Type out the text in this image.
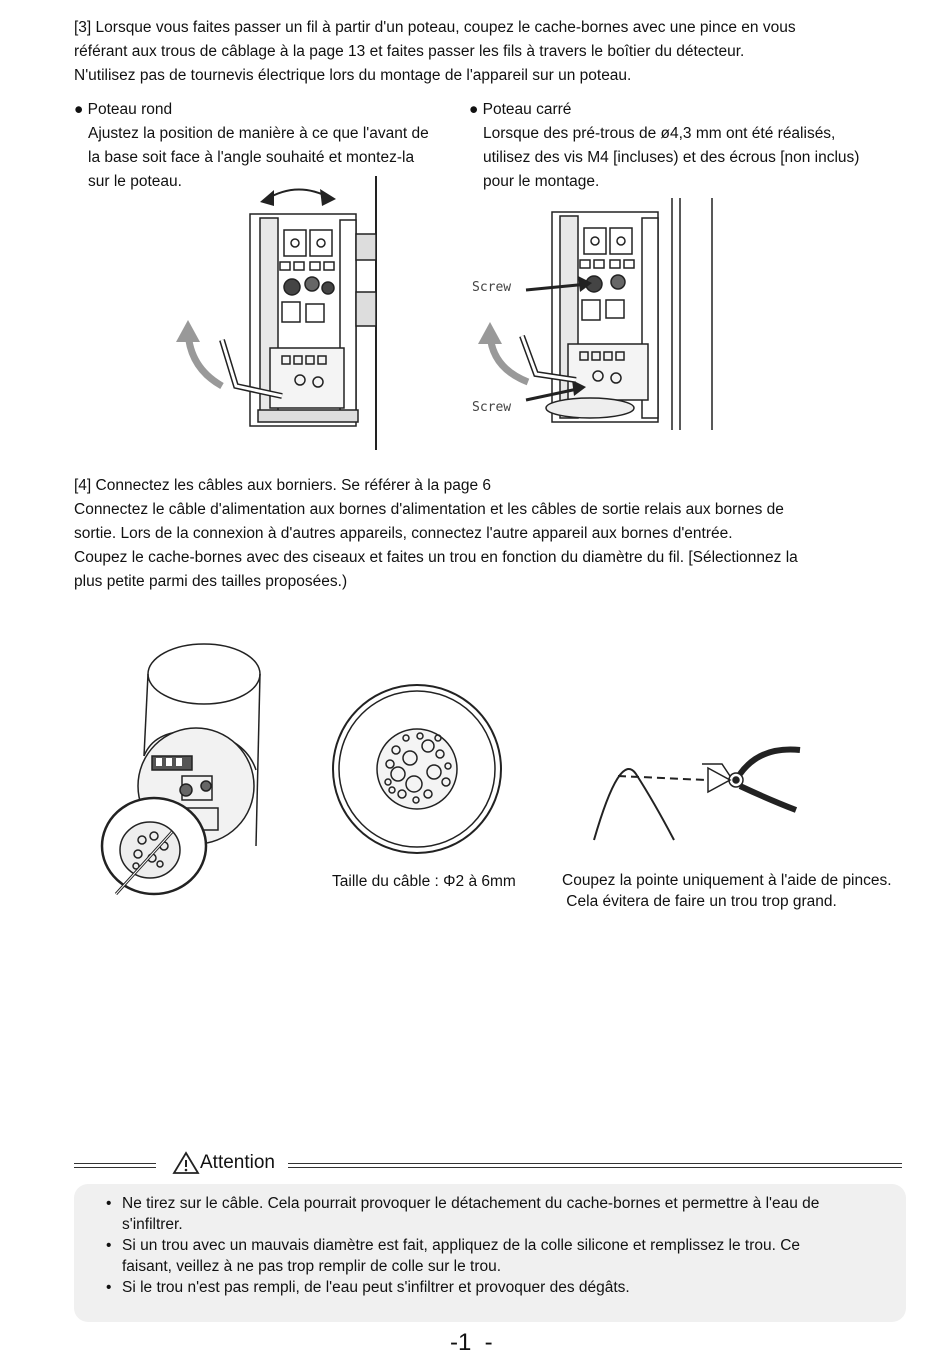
[3] Lorsque vous faites passer un fil à partir d'un poteau, coupez le cache-bornes avec une pince en vous

référant aux trous de câblage à la page 13 et faites passer les fils à travers le boîtier du détecteur.

N'utilisez pas de tournevis électrique lors du montage de l'appareil sur un poteau.

● Poteau rond

Ajustez la position de manière à ce que l'avant de

la base soit face à l'angle souhaité et montez-la

sur le poteau.

● Poteau carré

Lorsque des pré-trous de ø4,3 mm ont été réalisés,

utilisez des vis M4 [incluses) et des écrous [non inclus)

pour le montage.

Screw
Screw

[4] Connectez les câbles aux borniers. Se référer à la page 6

Connectez le câble d'alimentation aux bornes d'alimentation et les câbles de sortie relais aux bornes de

sortie. Lors de la connexion à d'autres appareils, connectez l'autre appareil aux bornes d'entrée.

Coupez le cache-bornes avec des ciseaux et faites un trou en fonction du diamètre du fil. [Sélectionnez la

plus petite parmi des tailles proposées.)

Taille du câble : Φ2 à 6mm	Coupez la pointe uniquement à l'aide de pinces.

Cela évitera de faire un trou trop grand.

Attention
• Ne tirez sur le câble. Cela pourrait provoquer le détachement du cache-bornes et permettre à l'eau de

s'infiltrer.

• Si un trou avec un mauvais diamètre est fait, appliquez de la colle silicone et remplissez le trou. Ce

faisant, veillez à ne pas trop remplir de colle sur le trou.

• Si le trou n'est pas rempli, de l'eau peut s'infiltrer et provoquer des dégâts.

-1  -
